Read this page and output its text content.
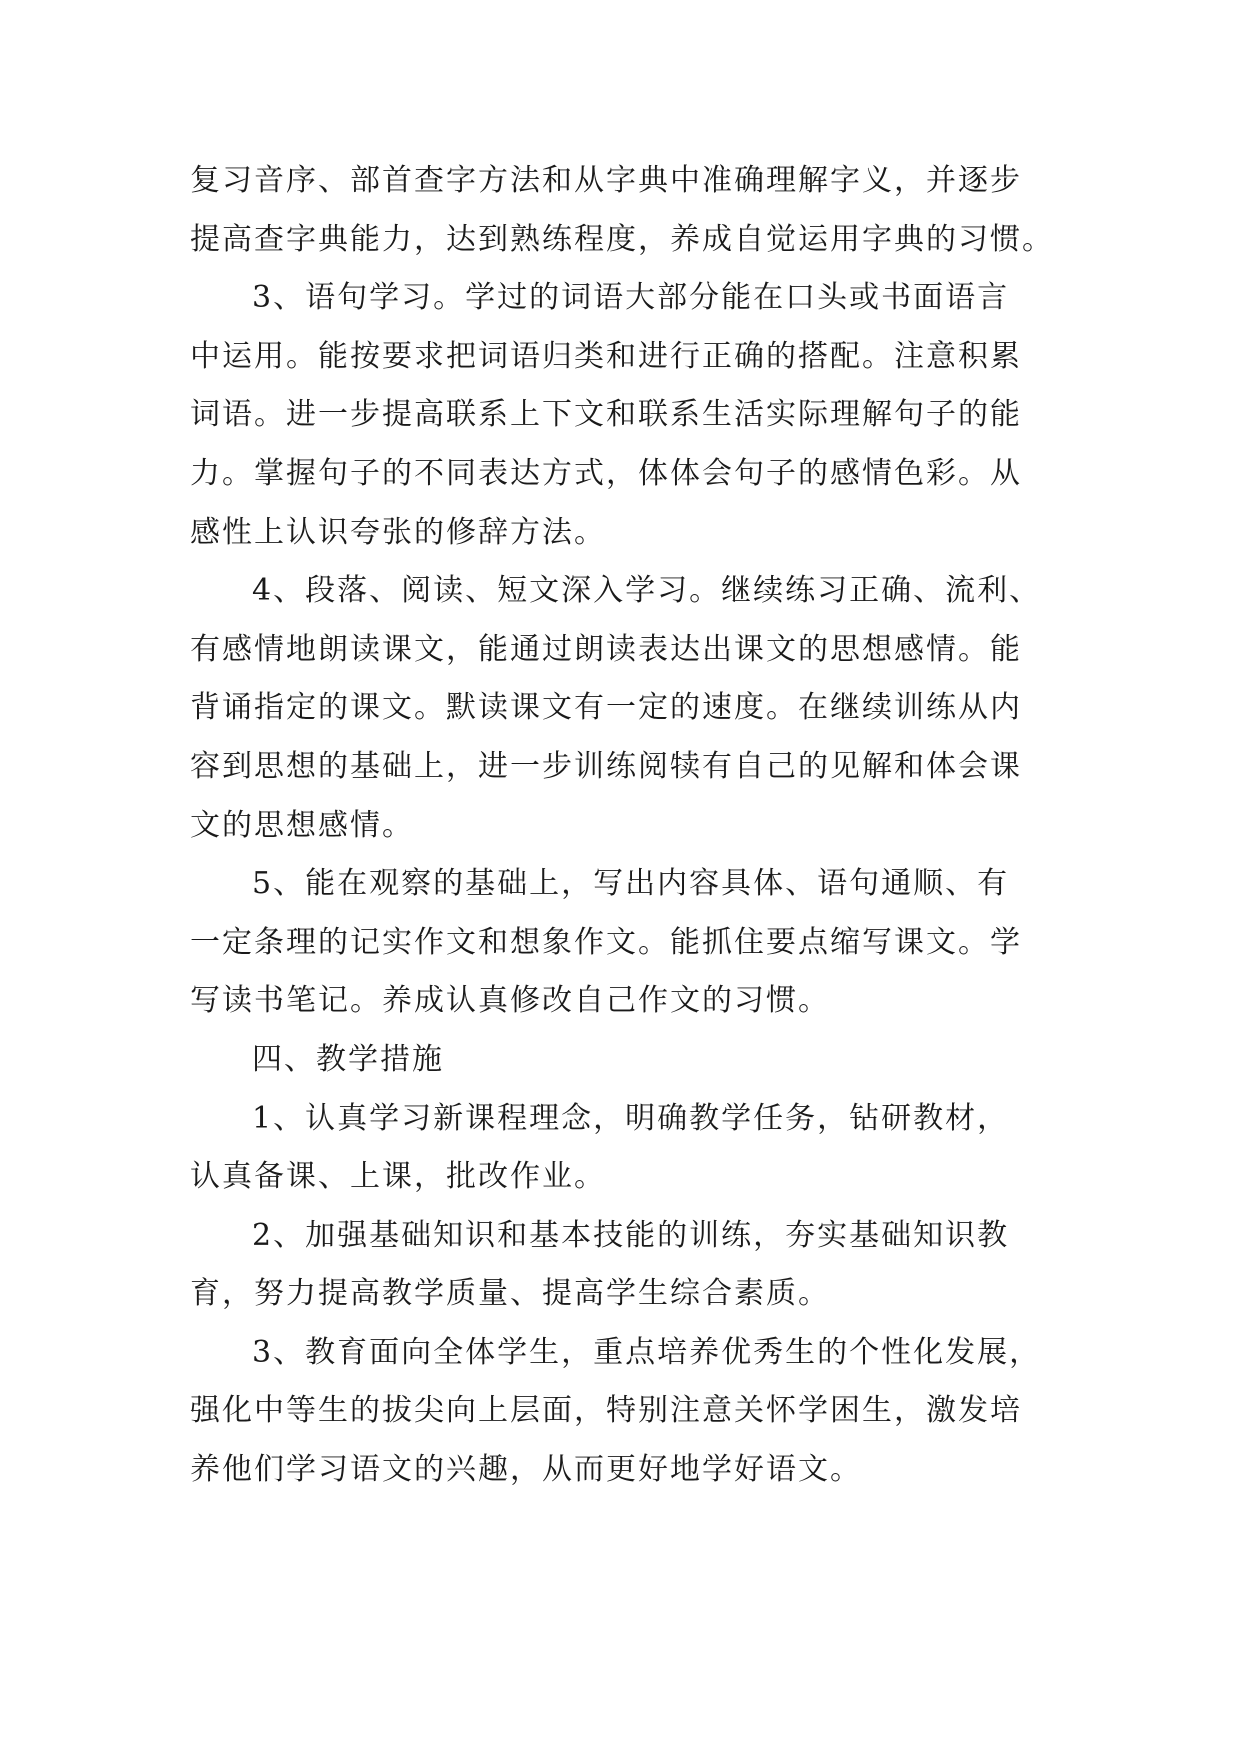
复习音序、部首查字方法和从字典中准确理解字义，并逐步
提高查字典能力，达到熟练程度，养成自觉运用字典的习惯。
3、语句学习。学过的词语大部分能在口头或书面语言
中运用。能按要求把词语归类和进行正确的搭配。注意积累
词语。进一步提高联系上下文和联系生活实际理解句子的能
力。掌握句子的不同表达方式，体体会句子的感情色彩。从
感性上认识夸张的修辞方法。
4、段落、阅读、短文深入学习。继续练习正确、流利、
有感情地朗读课文，能通过朗读表达出课文的思想感情。能
背诵指定的课文。默读课文有一定的速度。在继续训练从内
容到思想的基础上，进一步训练阅犊有自己的见解和体会课
文的思想感情。
5、能在观察的基础上，写出内容具体、语句通顺、有
一定条理的记实作文和想象作文。能抓住要点缩写课文。学
写读书笔记。养成认真修改自己作文的习惯。
四、教学措施
1、认真学习新课程理念，明确教学任务，钻研教材，
认真备课、上课，批改作业。
2、加强基础知识和基本技能的训练，夯实基础知识教
育，努力提高教学质量、提高学生综合素质。
3、教育面向全体学生，重点培养优秀生的个性化发展，
强化中等生的拔尖向上层面，特别注意关怀学困生，激发培
养他们学习语文的兴趣，从而更好地学好语文。
